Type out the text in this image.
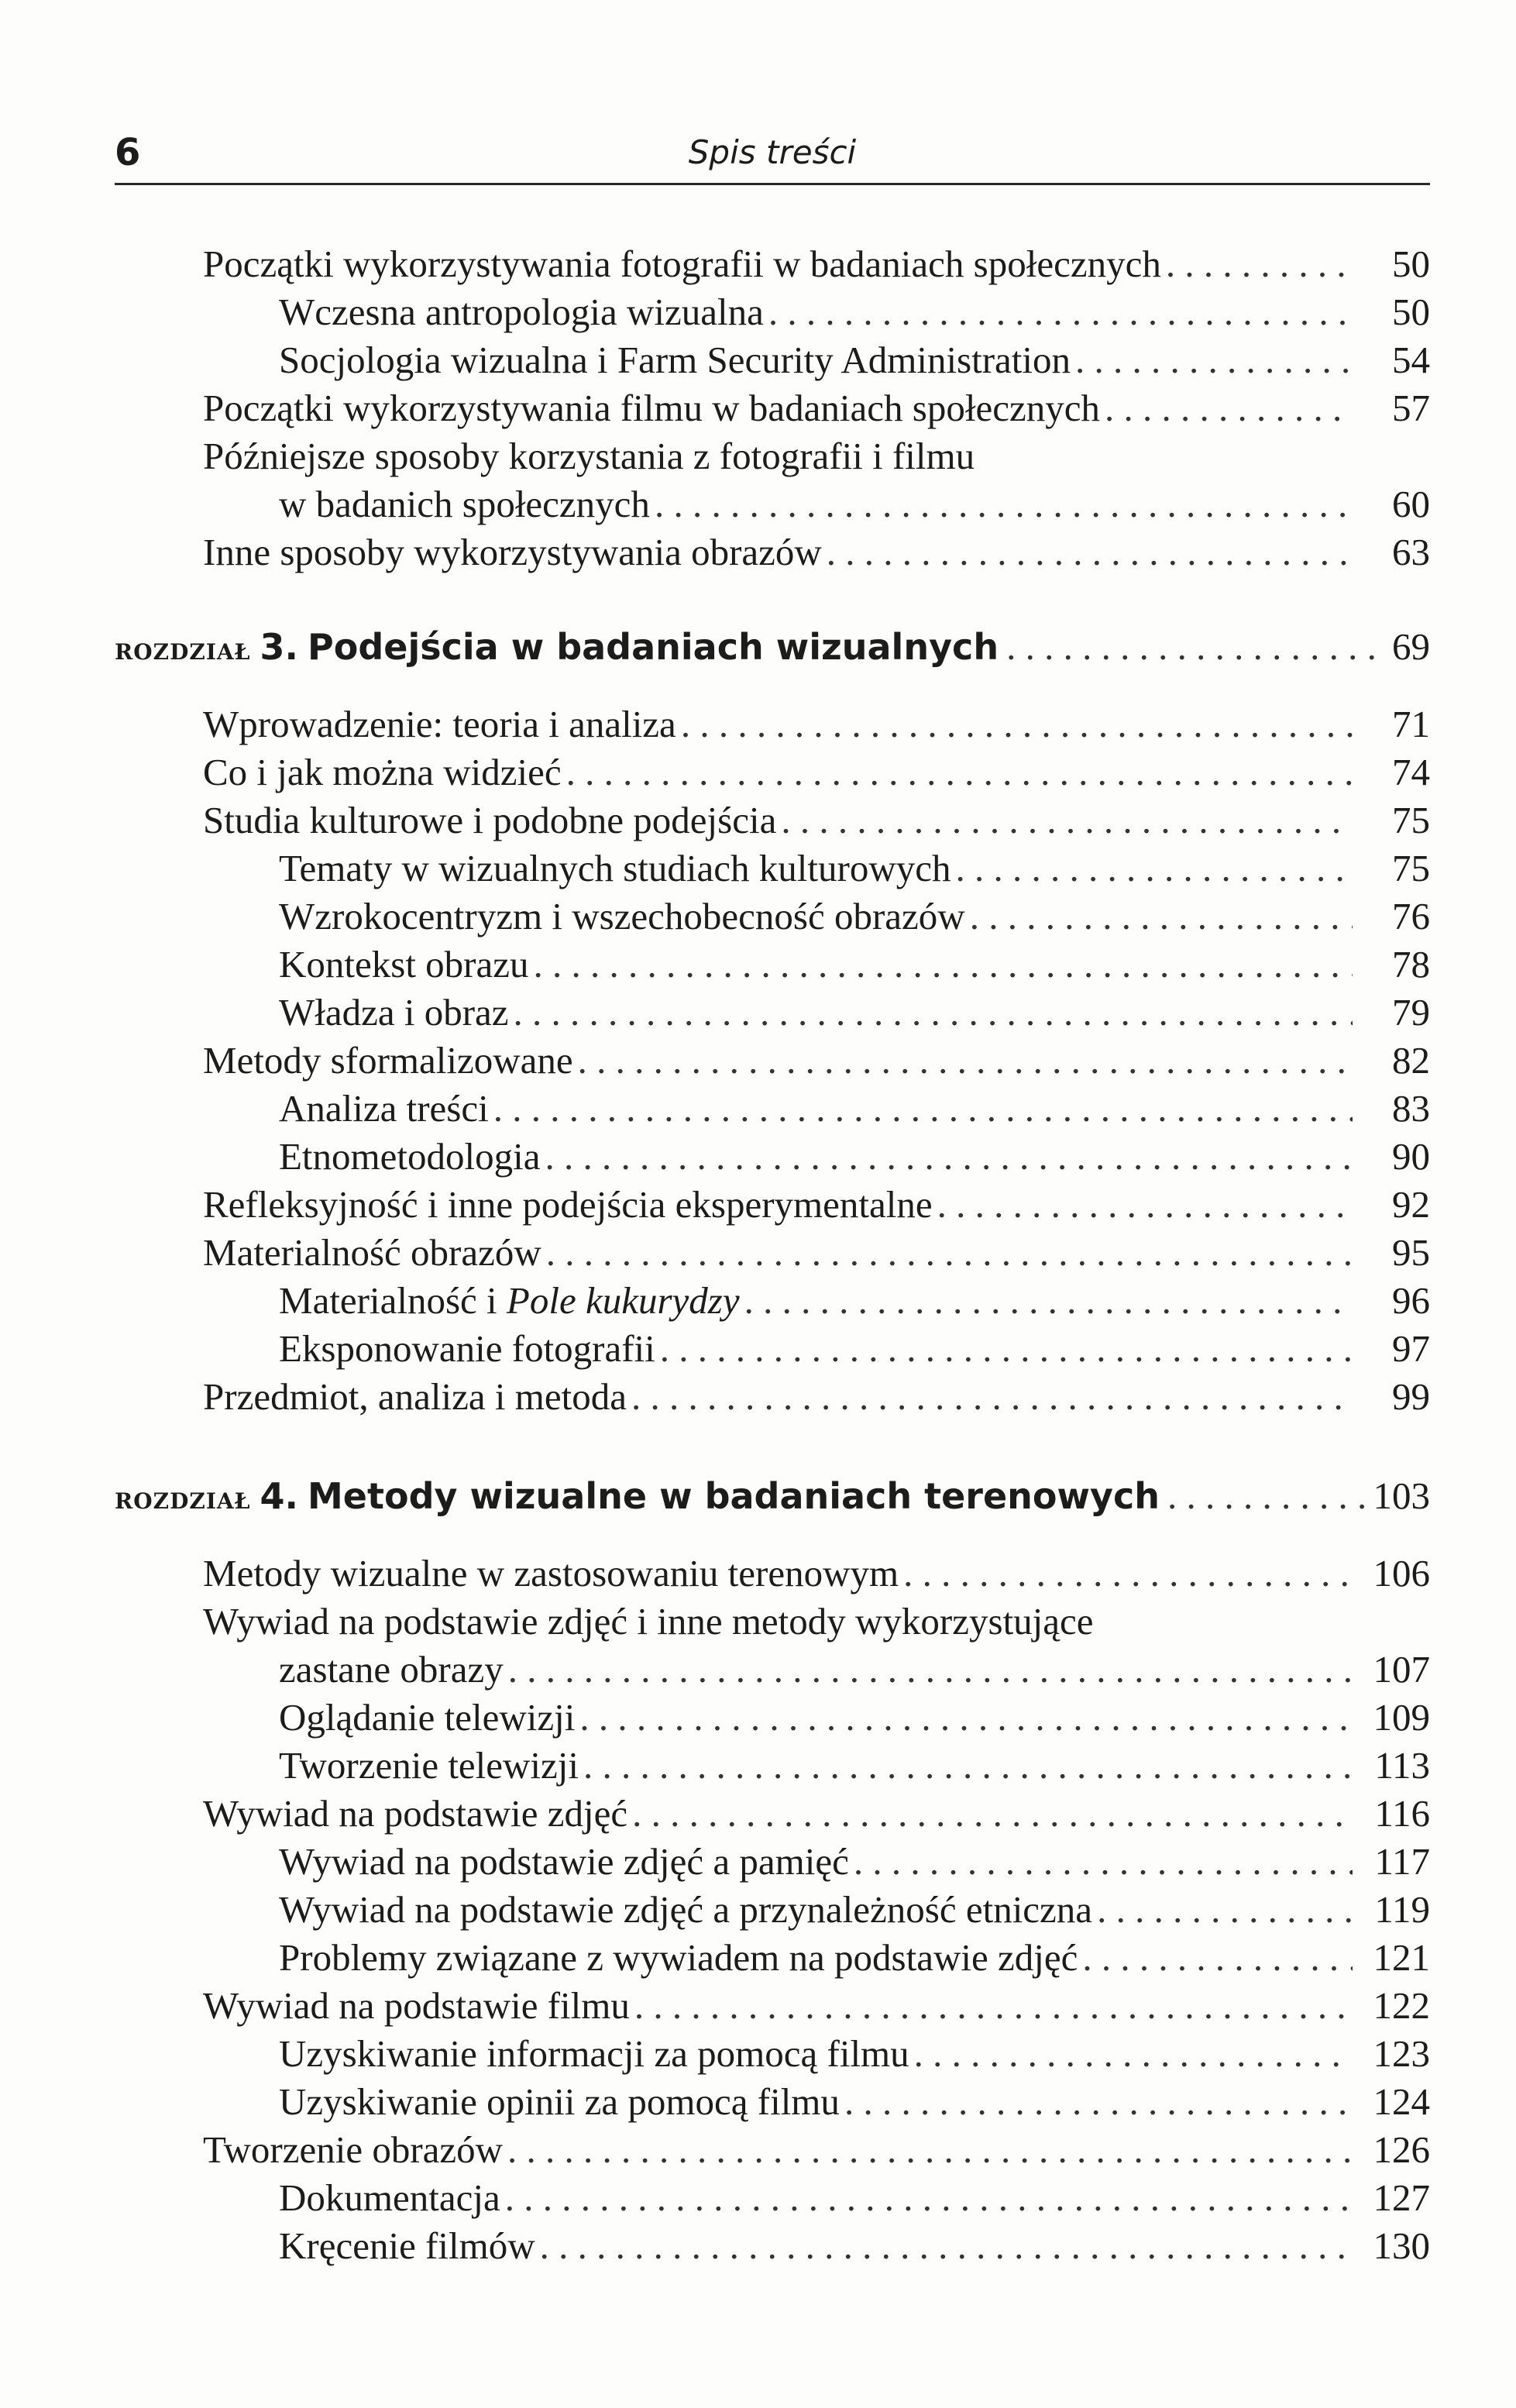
6	Spis treści
Początki wykorzystywania fotografii w badaniach społecznych . . .	50
Wczesna antropologia wizualna . . .	50
Socjologia wizualna i Farm Security Administration . . .	54
Początki wykorzystywania filmu w badaniach społecznych . . .	57
Późniejsze sposoby korzystania z fotografii i filmu
w badanich społecznych . . .	60
Inne sposoby wykorzystywania obrazów . . .	63
ROZDZIAŁ 3. Podejścia w badaniach wizualnych . . .	69
Wprowadzenie: teoria i analiza . . .	71
Co i jak można widzieć . . .	74
Studia kulturowe i podobne podejścia . . .	75
Tematy w wizualnych studiach kulturowych . . .	75
Wzrokocentryzm i wszechobecność obrazów . . .	76
Kontekst obrazu . . .	78
Władza i obraz . . .	79
Metody sformalizowane . . .	82
Analiza treści . . .	83
Etnometodologia . . .	90
Refleksyjność i inne podejścia eksperymentalne . . .	92
Materialność obrazów . . .	95
Materialność i Pole kukurydzy . . .	96
Eksponowanie fotografii . . .	97
Przedmiot, analiza i metoda . . .	99
ROZDZIAŁ 4. Metody wizualne w badaniach terenowych . . .	103
Metody wizualne w zastosowaniu terenowym . . .	106
Wywiad na podstawie zdjęć i inne metody wykorzystujące
zastane obrazy . . .	107
Oglądanie telewizji . . .	109
Tworzenie telewizji . . .	113
Wywiad na podstawie zdjęć . . .	116
Wywiad na podstawie zdjęć a pamięć . . .	117
Wywiad na podstawie zdjęć a przynależność etniczna . . .	119
Problemy związane z wywiadem na podstawie zdjęć . . .	121
Wywiad na podstawie filmu . . .	122
Uzyskiwanie informacji za pomocą filmu . . .	123
Uzyskiwanie opinii za pomocą filmu . . .	124
Tworzenie obrazów . . .	126
Dokumentacja . . .	127
Kręcenie filmów . . .	130
